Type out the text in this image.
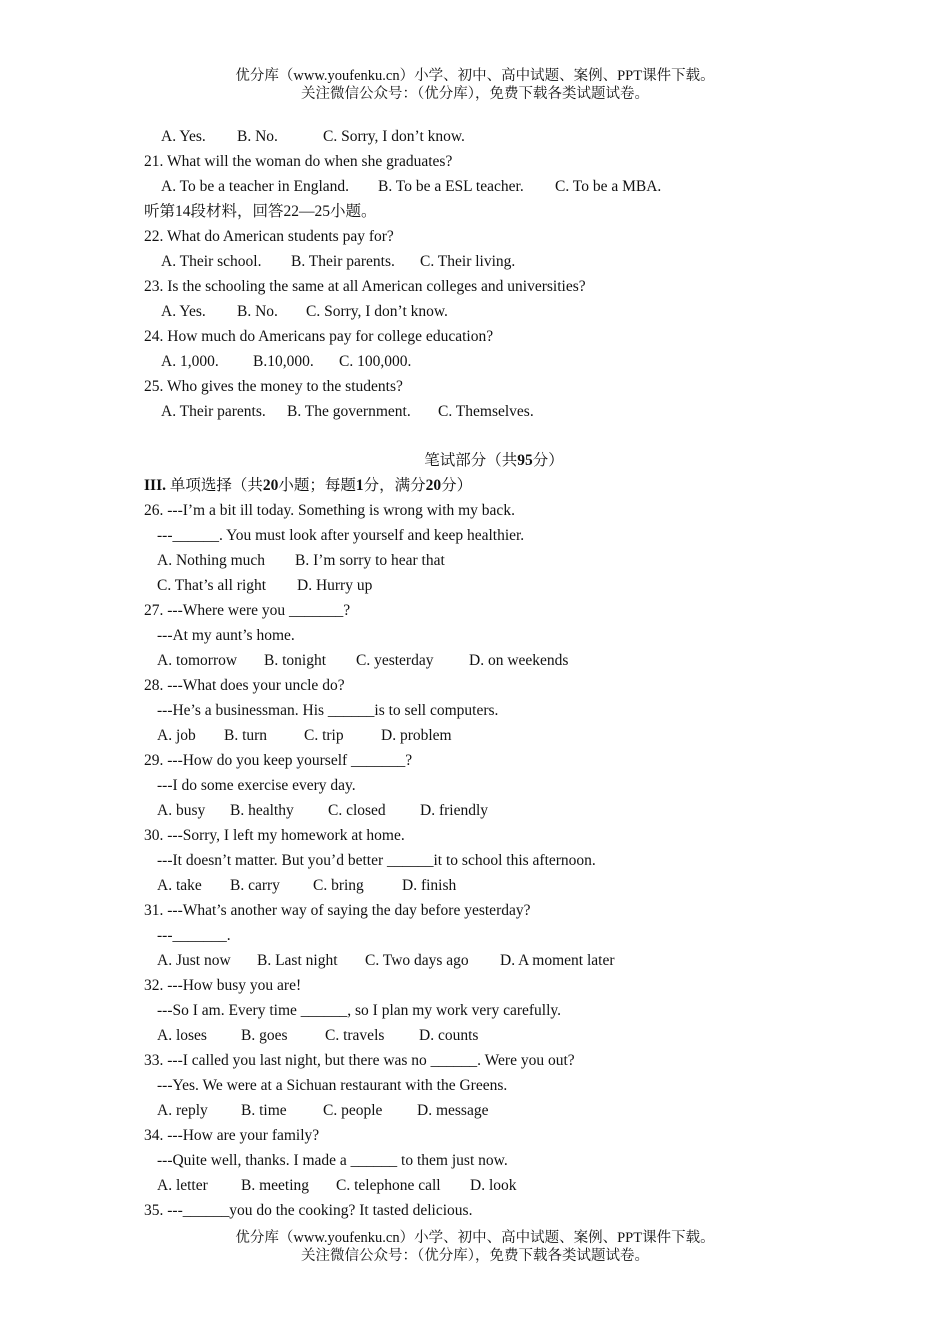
优分库（www.youfenku.cn）小学、初中、高中试题、案例、PPT课件下载。
关注微信公众号：（优分库），免费下载各类试题试卷。
A. Yes. B. No.	C. Sorry, I don’t know.
21. What will the woman do when she graduates?
A. To be a teacher in England. B. To be a ESL teacher. C. To be a MBA.
听第14段材料，回答22—25小题。
22. What do American students pay for?
A. Their school. B. Their parents. C. Their living.
23. Is the schooling the same at all American colleges and universities?
A. Yes. B. No. C. Sorry, I don’t know.
24. How much do Americans pay for college education?
A. 1,000. B.10,000. C. 100,000.
25. Who gives the money to the students?
A. Their parents. B. The government. C. Themselves.
笔试部分（共95分）
III. 单项选择（共20小题；每题1分，满分20分）
26. ---I’m a bit ill today. Something is wrong with my back.
---______. You must look after yourself and keep healthier.
A. Nothing much B. I’m sorry to hear that
C. That’s all right D. Hurry up
27. ---Where were you _______?
---At my aunt’s home.
A. tomorrow B. tonight C. yesterday D. on weekends
28. ---What does your uncle do?
---He’s a businessman. His ______is to sell computers.
A. job B. turn C. trip D. problem
29. ---How do you keep yourself _______?
---I do some exercise every day.
A. busy B. healthy C. closed D. friendly
30. ---Sorry, I left my homework at home.
---It doesn’t matter. But you’d better ______it to school this afternoon.
A. take B. carry C. bring D. finish
31. ---What’s another way of saying the day before yesterday?
---_______.
A. Just now B. Last night C. Two days ago D. A moment later
32. ---How busy you are!
---So I am. Every time ______, so I plan my work very carefully.
A. loses B. goes C. travels D. counts
33. ---I called you last night, but there was no ______. Were you out?
---Yes. We were at a Sichuan restaurant with the Greens.
A. reply B. time C. people D. message
34. ---How are your family?
---Quite well, thanks. I made a ______ to them just now.
A. letter B. meeting C. telephone call D. look
35. ---______you do the cooking? It tasted delicious.
优分库（www.youfenku.cn）小学、初中、高中试题、案例、PPT课件下载。
关注微信公众号：（优分库），免费下载各类试题试卷。
